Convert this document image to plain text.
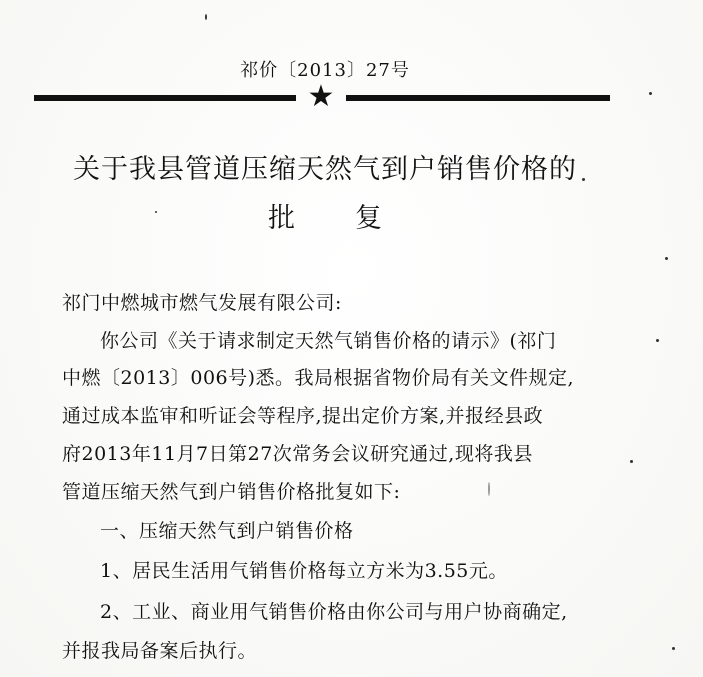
祁价〔2013〕27号
★
关于我县管道压缩天然气到户销售价格的
批复
祁门中燃城市燃气发展有限公司:
你公司《关于请求制定天然气销售价格的请示》(祁门
中燃〔2013〕006号)悉。我局根据省物价局有关文件规定,
通过成本监审和听证会等程序,提出定价方案,并报经县政
府2013年11月7日第27次常务会议研究通过,现将我县
管道压缩天然气到户销售价格批复如下:
一、压缩天然气到户销售价格
1、居民生活用气销售价格每立方米为3.55元。
2、工业、商业用气销售价格由你公司与用户协商确定,
并报我局备案后执行。
